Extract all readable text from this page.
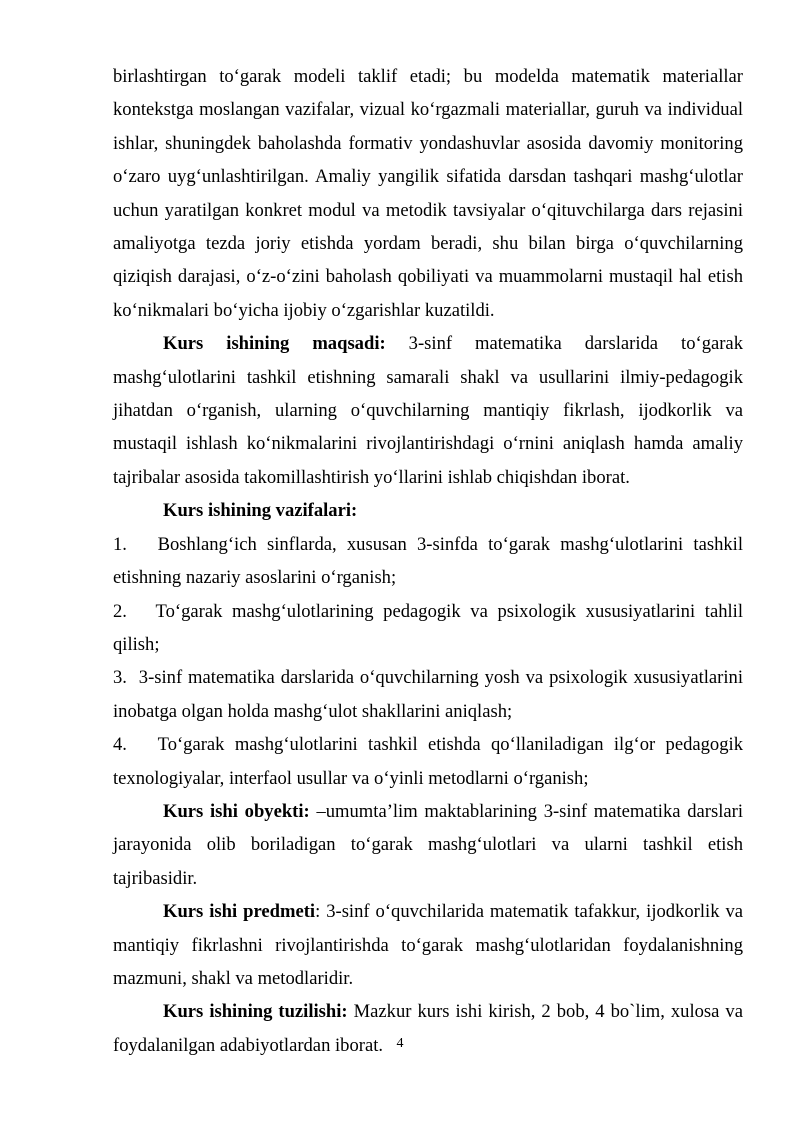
birlashtirgan to‘garak modeli taklif etadi; bu modelda matematik materiallar kontekstga moslangan vazifalar, vizual ko‘rgazmali materiallar, guruh va individual ishlar, shuningdek baholashda formativ yondashuvlar asosida davomiy monitoring o‘zaro uyg‘unlashtirilgan. Amaliy yangilik sifatida darsdan tashqari mashg‘ulotlar uchun yaratilgan konkret modul va metodik tavsiyalar o‘qituvchilarga dars rejasini amaliyotga tezda joriy etishda yordam beradi, shu bilan birga o‘quvchilarning qiziqish darajasi, o‘z-o‘zini baholash qobiliyati va muammolarni mustaqil hal etish ko‘nikmalari bo‘yicha ijobiy o‘zgarishlar kuzatildi.

Kurs ishining maqsadi: 3-sinf matematika darslarida to‘garak mashg‘ulotlarini tashkil etishning samarali shakl va usullarini ilmiy-pedagogik jihatdan o‘rganish, ularning o‘quvchilarning mantiqiy fikrlash, ijodkorlik va mustaqil ishlash ko‘nikmalarini rivojlantirishdagi o‘rnini aniqlash hamda amaliy tajribalar asosida takomillashtirish yo‘llarini ishlab chiqishdan iborat.

Kurs ishining vazifalari:

1.   Boshlang‘ich sinflarda, xususan 3-sinfda to‘garak mashg‘ulotlarini tashkil etishning nazariy asoslarini o‘rganish;

2.   To‘garak mashg‘ulotlarining pedagogik va psixologik xususiyatlarini tahlil qilish;

3.  3-sinf matematika darslarida o‘quvchilarning yosh va psixologik xususiyatlarini inobatga olgan holda mashg‘ulot shakllarini aniqlash;

4.   To‘garak mashg‘ulotlarini tashkil etishda qo‘llaniladigan ilg‘or pedagogik texnologiyalar, interfaol usullar va o‘yinli metodlarni o‘rganish;

Kurs ishi obyekti: –umumta’lim maktablarining 3-sinf matematika darslari jarayonida olib boriladigan to‘garak mashg‘ulotlari va ularni tashkil etish tajribasidir.

Kurs ishi predmeti: 3-sinf o‘quvchilarida matematik tafakkur, ijodkorlik va mantiqiy fikrlashni rivojlantirishda to‘garak mashg‘ulotlaridan foydalanishning mazmuni, shakl va metodlaridir.

Kurs ishining tuzilishi: Mazkur kurs ishi kirish, 2 bob, 4 bo`lim, xulosa va foydalanilgan adabiyotlardan iborat. 4
